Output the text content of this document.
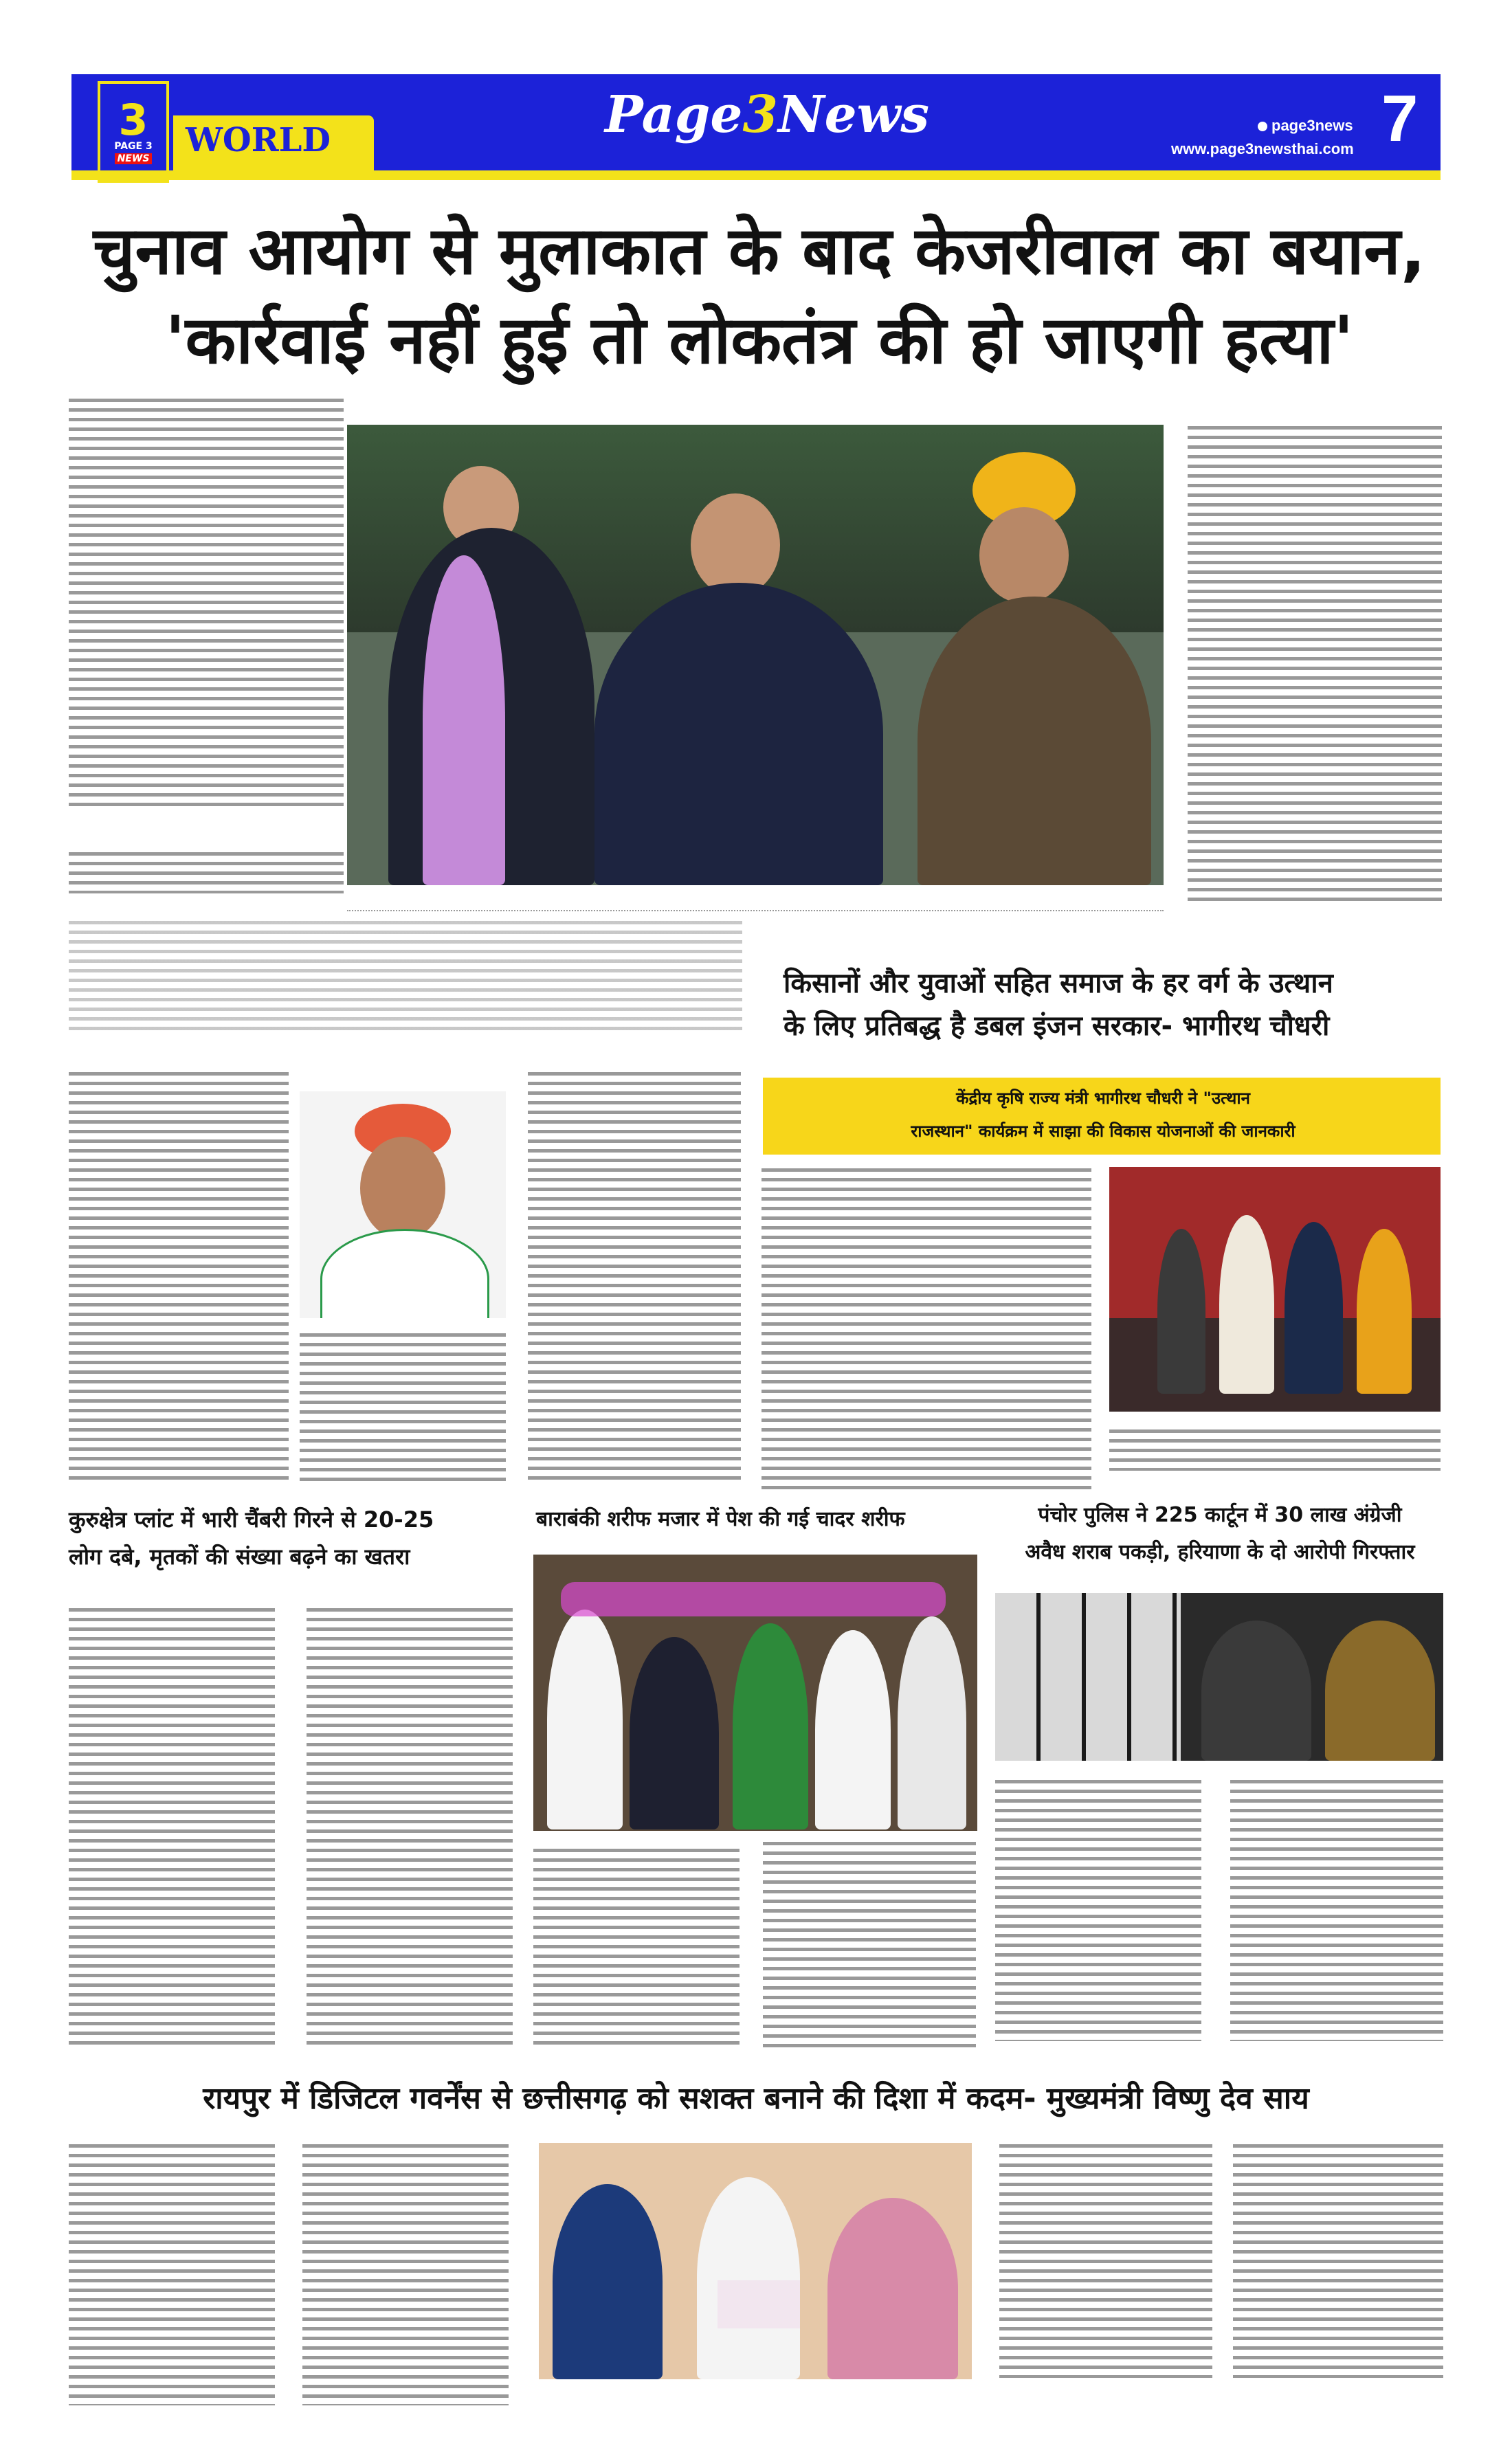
WORLD
3
PAGE 3
NEWS
Page3News	page3news
www.page3newsthai.com 7
चुनाव आयोग से मुलाकात के बाद केजरीवाल का बयान,
'कार्रवाई नहीं हुई तो लोकतंत्र की हो जाएगी हत्या'
किसानों और युवाओं सहित समाज के हर वर्ग के उत्थान
के लिए प्रतिबद्ध है डबल इंजन सरकार- भागीरथ चौधरी
केंद्रीय कृषि राज्य मंत्री भागीरथ चौधरी ने "उत्थान
राजस्थान" कार्यक्रम में साझा की विकास योजनाओं की जानकारी
कुरुक्षेत्र प्लांट में भारी चैंबरी गिरने से 20-25
लोग दबे, मृतकों की संख्या बढ़ने का खतरा
बाराबंकी शरीफ मजार में पेश की गई चादर शरीफ	पंचोर पुलिस ने 225 कार्टून में 30 लाख अंग्रेजी
अवैध शराब पकड़ी, हरियाणा के दो आरोपी गिरफ्तार
रायपुर में डिजिटल गवर्नेंस से छत्तीसगढ़ को सशक्त बनाने की दिशा में कदम- मुख्यमंत्री विष्णु देव साय
